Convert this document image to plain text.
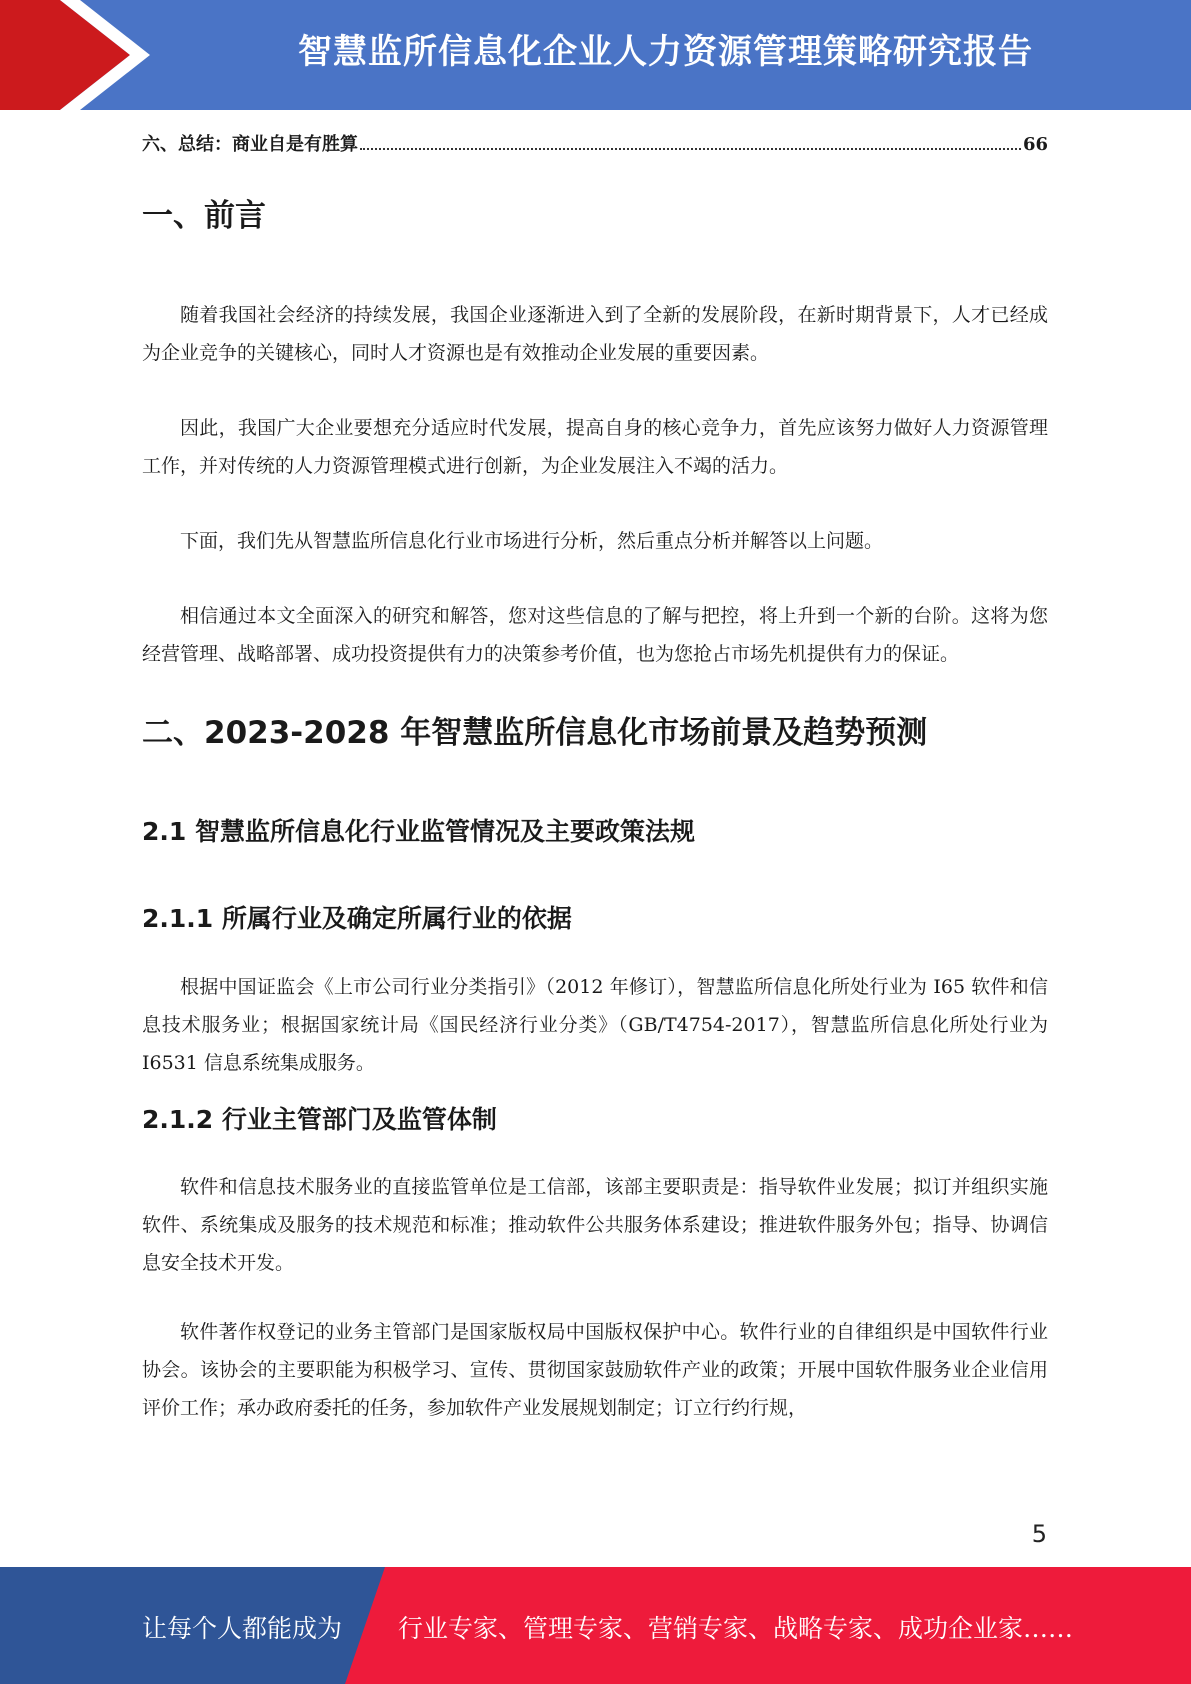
智慧监所信息化企业人力资源管理策略研究报告
六、总结：商业自是有胜算	66
一、前言

随着我国社会经济的持续发展，我国企业逐渐进入到了全新的发展阶段，在新时期背景下，人才已经成为企业竞争的关键核心，同时人才资源也是有效推动企业发展的重要因素。

因此，我国广大企业要想充分适应时代发展，提高自身的核心竞争力，首先应该努力做好人力资源管理工作，并对传统的人力资源管理模式进行创新，为企业发展注入不竭的活力。

下面，我们先从智慧监所信息化行业市场进行分析，然后重点分析并解答以上问题。

相信通过本文全面深入的研究和解答，您对这些信息的了解与把控，将上升到一个新的台阶。这将为您经营管理、战略部署、成功投资提供有力的决策参考价值，也为您抢占市场先机提供有力的保证。

二、2023-2028 年智慧监所信息化市场前景及趋势预测
2.1 智慧监所信息化行业监管情况及主要政策法规
2.1.1 所属行业及确定所属行业的依据

根据中国证监会《上市公司行业分类指引》（2012 年修订），智慧监所信息化所处行业为 I65 软件和信息技术服务业；根据国家统计局《国民经济行业分类》（GB/T4754-2017），智慧监所信息化所处行业为 I6531 信息系统集成服务。

2.1.2 行业主管部门及监管体制

软件和信息技术服务业的直接监管单位是工信部，该部主要职责是：指导软件业发展；拟订并组织实施软件、系统集成及服务的技术规范和标准；推动软件公共服务体系建设；推进软件服务外包；指导、协调信息安全技术开发。

软件著作权登记的业务主管部门是国家版权局中国版权保护中心。软件行业的自律组织是中国软件行业协会。该协会的主要职能为积极学习、宣传、贯彻国家鼓励软件产业的政策；开展中国软件服务业企业信用评价工作；承办政府委托的任务，参加软件产业发展规划制定；订立行约行规，

5
让每个人都能成为 行业专家、管理专家、营销专家、战略专家、成功企业家……
